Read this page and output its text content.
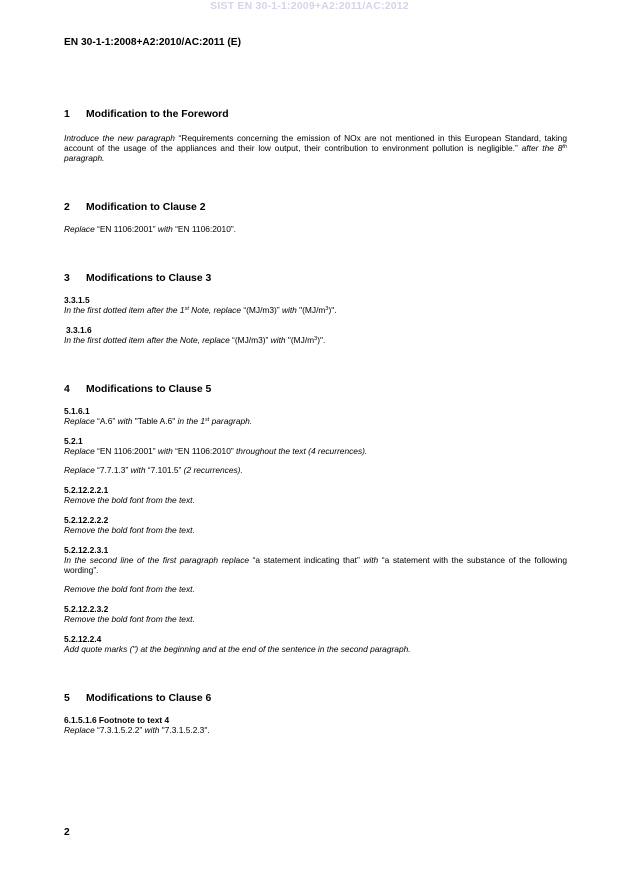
SIST EN 30-1-1:2009+A2:2011/AC:2012
EN 30-1-1:2008+A2:2010/AC:2011 (E)
1 Modification to the Foreword

Introduce the new paragraph “Requirements concerning the emission of NOx are not mentioned in this European Standard, taking account of the usage of the appliances and their low output, their contribution to environment pollution is negligible.” after the 8th paragraph.

2 Modification to Clause 2

Replace “EN 1106:2001” with “EN 1106:2010”.

3 Modifications to Clause 3
3.3.1.5

In the first dotted item after the 1st Note, replace “(MJ/m3)” with "$(MJ/m^3)$".

3.3.1.6

In the first dotted item after the Note, replace “(MJ/m3)” with "$(MJ/m^3)$".

4 Modifications to Clause 5
5.1.6.1

Replace “A.6” with "Table A.6" in the 1st paragraph.

5.2.1

Replace “EN 1106:2001” with “EN 1106:2010” throughout the text (4 recurrences).

Replace “7.7.1.3” with “7.101.5” (2 recurrences).

5.2.12.2.2.1

Remove the bold font from the text.

5.2.12.2.2.2

Remove the bold font from the text.

5.2.12.2.3.1

In the second line of the first paragraph replace “a statement indicating that” with “a statement with the substance of the following wording”.

Remove the bold font from the text.

5.2.12.2.3.2

Remove the bold font from the text.

5.2.12.2.4

Add quote marks (") at the beginning and at the end of the sentence in the second paragraph.

5 Modifications to Clause 6
6.1.5.1.6 Footnote to text 4

Replace “7.3.1.5.2.2” with "7.3.1.5.2.3".

2
